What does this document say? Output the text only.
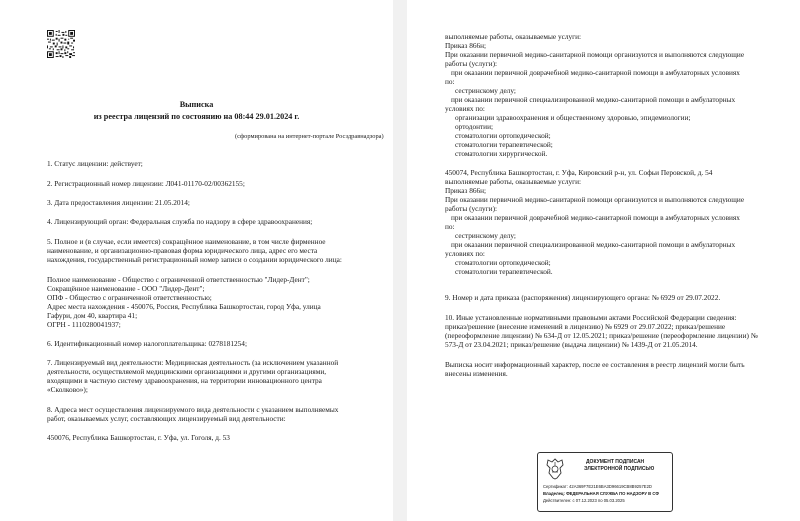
Выписка
из реестра лицензий по состоянию на 08:44 29.01.2024 г.
(сформирована на интернет-портале Росздравнадзора)
1. Статус лицензии: действует;
2. Регистрационный номер лицензии: Л041-01170-02/00362155;
3. Дата предоставления лицензии: 21.05.2014;
4. Лицензирующий орган: Федеральная служба по надзору в сфере здравоохранения;
5. Полное и (в случае, если имеется) сокращённое наименование, в том числе фирменное
наименование, и организационно-правовая форма юридического лица, адрес его места
нахождения, государственный регистрационный номер записи о создании юридического лица:
Полное наименование - Общество с ограниченной ответственностью "Лидер-Дент";
Сокращённое наименование - ООО "Лидер-Дент";
ОПФ - Общество с ограниченной ответственностью;
Адрес места нахождения - 450076, Россия, Республика Башкортостан, город Уфа, улица
Гафури, дом 40, квартира 41;
ОГРН - 1110280041937;
6. Идентификационный номер налогоплательщика: 0278181254;
7. Лицензируемый вид деятельности: Медицинская деятельность (за исключением указанной
деятельности, осуществляемой медицинскими организациями и другими организациями,
входящими в частную систему здравоохранения, на территории инновационного центра
«Сколково»);
8. Адреса мест осуществления лицензируемого вида деятельности с указанием выполняемых
работ, оказываемых услуг, составляющих лицензируемый вид деятельности:
450076, Республика Башкортостан, г. Уфа, ул. Гоголя, д. 53
выполняемые работы, оказываемые услуги:
Приказ 866н;
При оказании первичной медико-санитарной помощи организуются и выполняются следующие
работы (услуги):
при оказании первичной доврачебной медико-санитарной помощи в амбулаторных условиях
по:
сестринскому делу;
при оказании первичной специализированной медико-санитарной помощи в амбулаторных
условиях по:
организации здравоохранения и общественному здоровью, эпидемиологии;
ортодонтии;
стоматологии ортопедической;
стоматологии терапевтической;
стоматологии хирургической.
450074, Республика Башкортостан, г. Уфа, Кировский р-н, ул. Софьи Перовской, д. 54
выполняемые работы, оказываемые услуги:
Приказ 866н;
При оказании первичной медико-санитарной помощи организуются и выполняются следующие
работы (услуги):
при оказании первичной доврачебной медико-санитарной помощи в амбулаторных условиях
по:
сестринскому делу;
при оказании первичной специализированной медико-санитарной помощи в амбулаторных
условиях по:
стоматологии ортопедической;
стоматологии терапевтической.
9. Номер и дата приказа (распоряжения) лицензирующего органа: № 6929 от 29.07.2022.
10. Иные установленные нормативными правовыми актами Российской Федерации сведения:
приказ/решение (внесение изменений в лицензию) № 6929 от 29.07.2022; приказ/решение
(переоформление лицензии) № 634-Д от 12.05.2021; приказ/решение (переоформление лицензии) №
573-Д от 23.04.2021; приказ/решение (выдача лицензии) № 1439-Д от 21.05.2014.
Выписка носит информационный характер, после ее составления в реестр лицензий могли быть
внесены изменения.
ДОКУМЕНТ ПОДПИСАН
ЭЛЕКТРОННОЙ ПОДПИСЬЮ
Сертификат: 42A369F7E21E6BA3D96619CB8B9257E2D
Владелец: ФЕДЕРАЛЬНАЯ СЛУЖБА ПО НАДЗОРУ В СФ
Действителен: с 07.12.2023 по 05.03.2025
